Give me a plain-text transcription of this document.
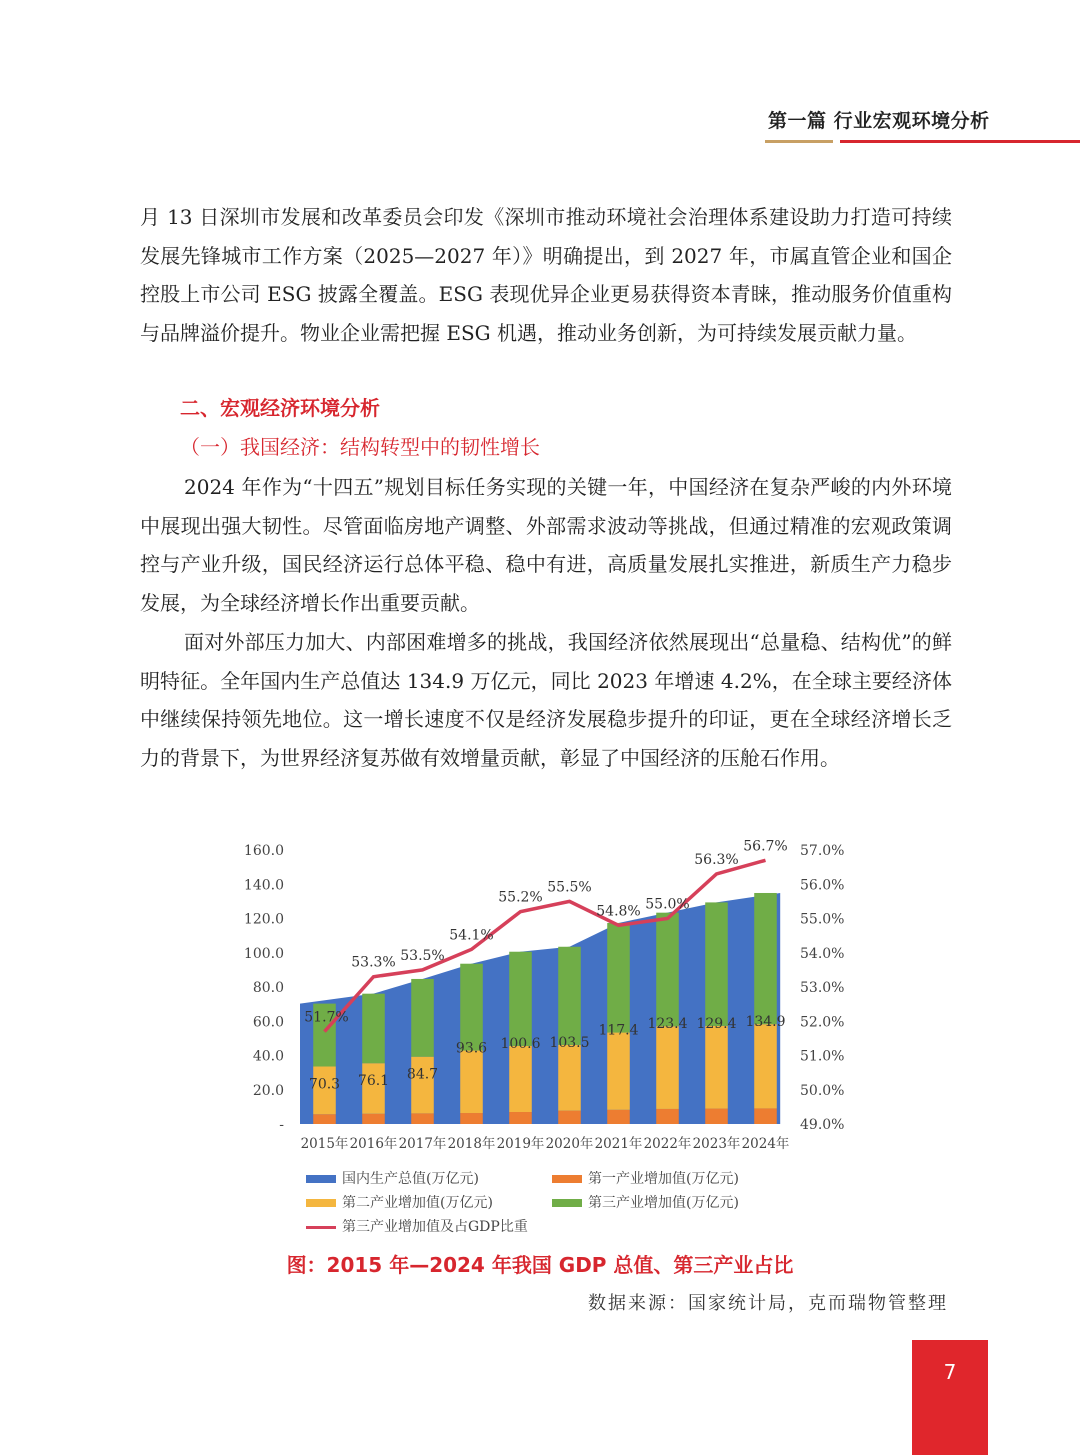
第一篇 行业宏观环境分析

月 13 日深圳市发展和改革委员会印发《深圳市推动环境社会治理体系建设助力打造可持续发展先锋城市工作方案（2025—2027 年）》明确提出，到 2027 年，市属直管企业和国企控股上市公司 ESG 披露全覆盖。ESG 表现优异企业更易获得资本青睐，推动服务价值重构与品牌溢价提升。物业企业需把握 ESG 机遇，推动业务创新，为可持续发展贡献力量。

二、宏观经济环境分析

（一）我国经济：结构转型中的韧性增长

2024 年作为“十四五”规划目标任务实现的关键一年，中国经济在复杂严峻的内外环境中展现出强大韧性。尽管面临房地产调整、外部需求波动等挑战，但通过精准的宏观政策调控与产业升级，国民经济运行总体平稳、稳中有进，高质量发展扎实推进，新质生产力稳步发展，为全球经济增长作出重要贡献。

面对外部压力加大、内部困难增多的挑战，我国经济依然展现出“总量稳、结构优”的鲜明特征。全年国内生产总值达 134.9 万亿元，同比 2023 年增速 4.2%，在全球主要经济体中继续保持领先地位。这一增长速度不仅是经济发展稳步提升的印证，更在全球经济增长乏力的背景下，为世界经济复苏做有效增量贡献，彰显了中国经济的压舱石作用。

-
20.0
40.0
60.0
80.0
100.0
120.0
140.0
160.0
49.0%
50.0%
51.0%
52.0%
53.0%
54.0%
55.0%
56.0%
57.0%
2015年 2016年 2017年 2018年 2019年 2020年 2021年 2022年 2023年 2024年
70.3 76.1 84.7
93.6 100.6 103.5
117.4 123.4 129.4 134.9
51.7%
53.3% 53.5%
54.1%
55.2%
55.5%
54.8% 55.0%
56.3%
56.7%
国内生产总值(万亿元)	第一产业增加值(万亿元)
第二产业增加值(万亿元)	第三产业增加值(万亿元)
第三产业增加值及占GDP比重
图：2015 年—2024 年我国 GDP 总值、第三产业占比
数据来源：国家统计局，克而瑞物管整理
7
